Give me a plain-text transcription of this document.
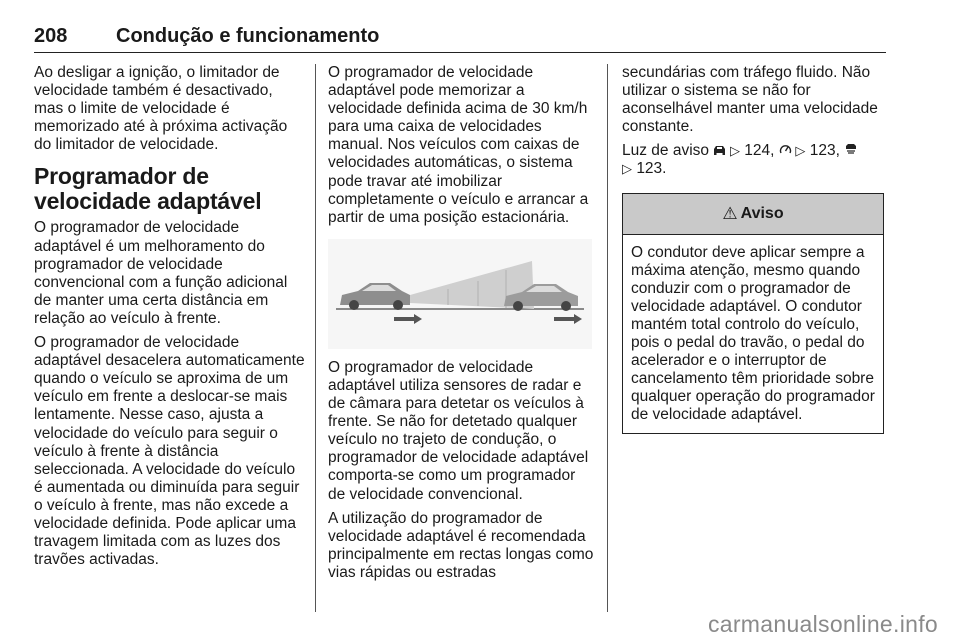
208 Condução e funcionamento

Ao desligar a ignição, o limitador de velocidade também é desactivado, mas o limite de velocidade é memorizado até à próxima activação do limitador de velocidade.

Programador de velocidade adaptável

O programador de velocidade adaptável é um melhoramento do programador de velocidade convencional com a função adicional de manter uma certa distância em relação ao veículo à frente.

O programador de velocidade adaptável desacelera automaticamente quando o veículo se aproxima de um veículo em frente a deslocar-se mais lentamente. Nesse caso, ajusta a velocidade do veículo para seguir o veículo à frente à distância seleccionada. A velocidade do veículo é aumentada ou diminuída para seguir o veículo à frente, mas não excede a velocidade definida. Pode aplicar uma travagem limitada com as luzes dos travões activadas.

O programador de velocidade adaptável pode memorizar a velocidade definida acima de 30 km/h para uma caixa de velocidades manual. Nos veículos com caixas de velocidades automáticas, o sistema pode travar até imobilizar completamente o veículo e arrancar a partir de uma posição estacionária.

O programador de velocidade adaptável utiliza sensores de radar e de câmara para detetar os veículos à frente. Se não for detetado qualquer veículo no trajeto de condução, o programador de velocidade adaptável comporta-se como um programador de velocidade convencional.

A utilização do programador de velocidade adaptável é recomendada principalmente em rectas longas como vias rápidas ou estradas

secundárias com tráfego fluido. Não utilizar o sistema se não for aconselhável manter uma velocidade constante.

Luz de aviso ▷ 124, ▷ 123,
▷ 123.

⚠ Aviso
O condutor deve aplicar sempre a máxima atenção, mesmo quando conduzir com o programador de velocidade adaptável. O condutor mantém total controlo do veículo, pois o pedal do travão, o pedal do acelerador e o interruptor de cancelamento têm prioridade sobre qualquer operação do programador de velocidade adaptável.
carmanualsonline.info
